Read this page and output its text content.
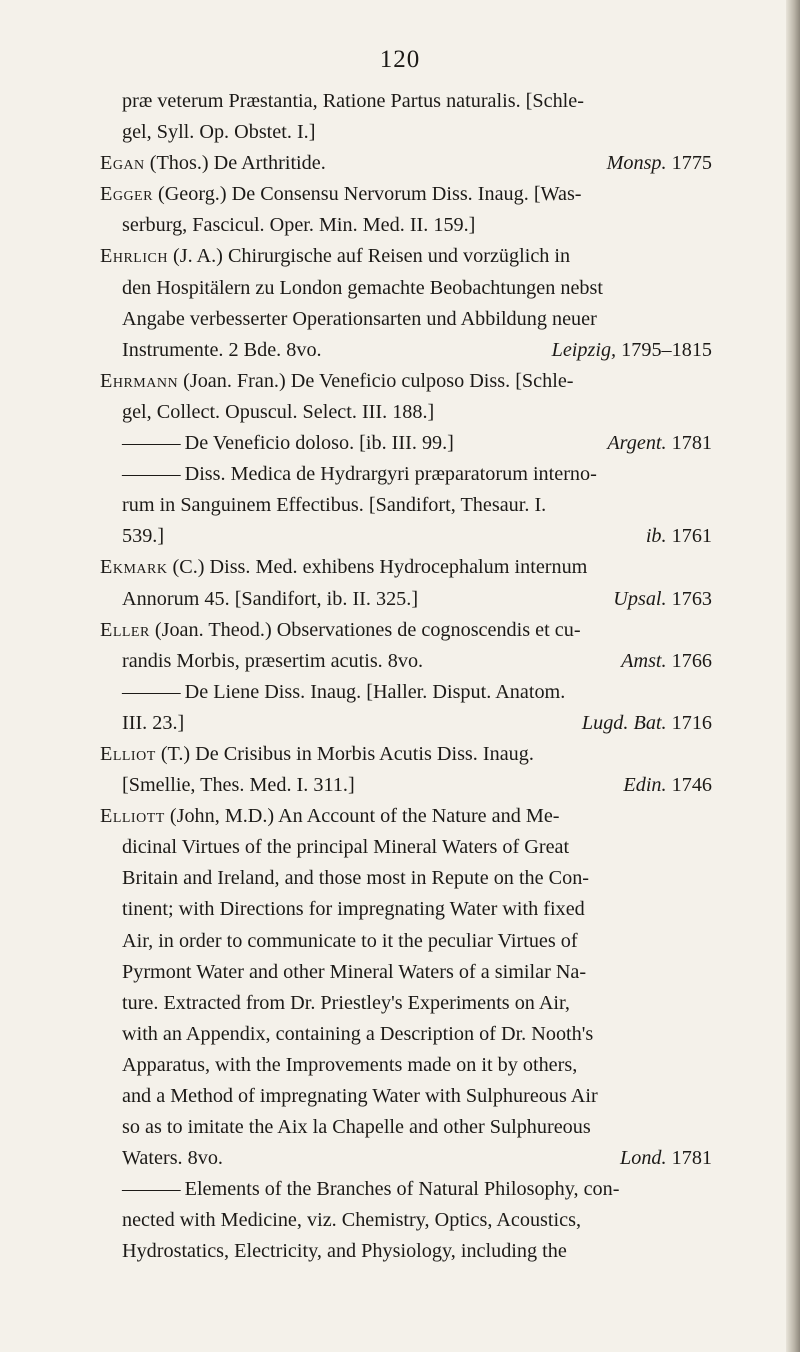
120
præ veterum Præstantia, Ratione Partus naturalis. [Schle-
gel, Syll. Op. Obstet. I.]
Monsp. 1775
Egan (Thos.) De Arthritide.
Egger (Georg.) De Consensu Nervorum Diss. Inaug. [Was-
serburg, Fascicul. Oper. Min. Med. II. 159.]
Ehrlich (J. A.) Chirurgische auf Reisen und vorzüglich in
den Hospitälern zu London gemachte Beobachtungen nebst
Angabe verbesserter Operationsarten und Abbildung neuer
Leipzig, 1795–1815
Instrumente. 2 Bde. 8vo.
Ehrmann (Joan. Fran.) De Veneficio culposo Diss. [Schle-
gel, Collect. Opuscul. Select. III. 188.]
Argent. 1781
——— De Veneficio doloso. [ib. III. 99.]
——— Diss. Medica de Hydrargyri præparatorum interno-
rum in Sanguinem Effectibus. [Sandifort, Thesaur. I.
ib. 1761
539.]
Ekmark (C.) Diss. Med. exhibens Hydrocephalum internum
Upsal. 1763
Annorum 45. [Sandifort, ib. II. 325.]
Eller (Joan. Theod.) Observationes de cognoscendis et cu-
Amst. 1766
randis Morbis, præsertim acutis. 8vo.
——— De Liene Diss. Inaug. [Haller. Disput. Anatom.
Lugd. Bat. 1716
III. 23.]
Elliot (T.) De Crisibus in Morbis Acutis Diss. Inaug.
Edin. 1746
[Smellie, Thes. Med. I. 311.]
Elliott (John, M.D.) An Account of the Nature and Me-
dicinal Virtues of the principal Mineral Waters of Great
Britain and Ireland, and those most in Repute on the Con-
tinent; with Directions for impregnating Water with fixed
Air, in order to communicate to it the peculiar Virtues of
Pyrmont Water and other Mineral Waters of a similar Na-
ture. Extracted from Dr. Priestley's Experiments on Air,
with an Appendix, containing a Description of Dr. Nooth's
Apparatus, with the Improvements made on it by others,
and a Method of impregnating Water with Sulphureous Air
so as to imitate the Aix la Chapelle and other Sulphureous
Lond. 1781
Waters. 8vo.
——— Elements of the Branches of Natural Philosophy, con-
nected with Medicine, viz. Chemistry, Optics, Acoustics,
Hydrostatics, Electricity, and Physiology, including the
